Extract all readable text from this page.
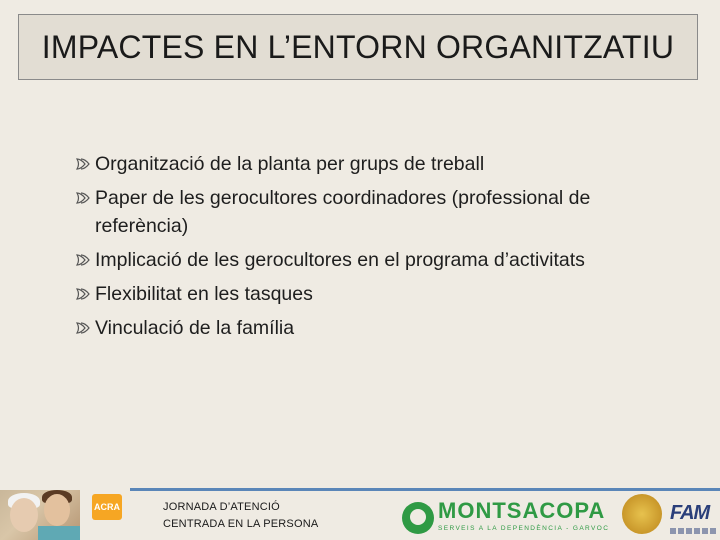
IMPACTES EN L’ENTORN ORGANITZATIU
Organització de la planta per grups de treball
Paper de les gerocultores coordinadores (professional de referència)
Implicació de les gerocultores en el programa d’activitats
Flexibilitat en les tasques
Vinculació de la família
ACRA	JORNADA D’ATENCIÓ
CENTRADA EN LA PERSONA
MONTSACOPA
SERVEIS A LA DEPENDÈNCIA - GARVOC
FAM
